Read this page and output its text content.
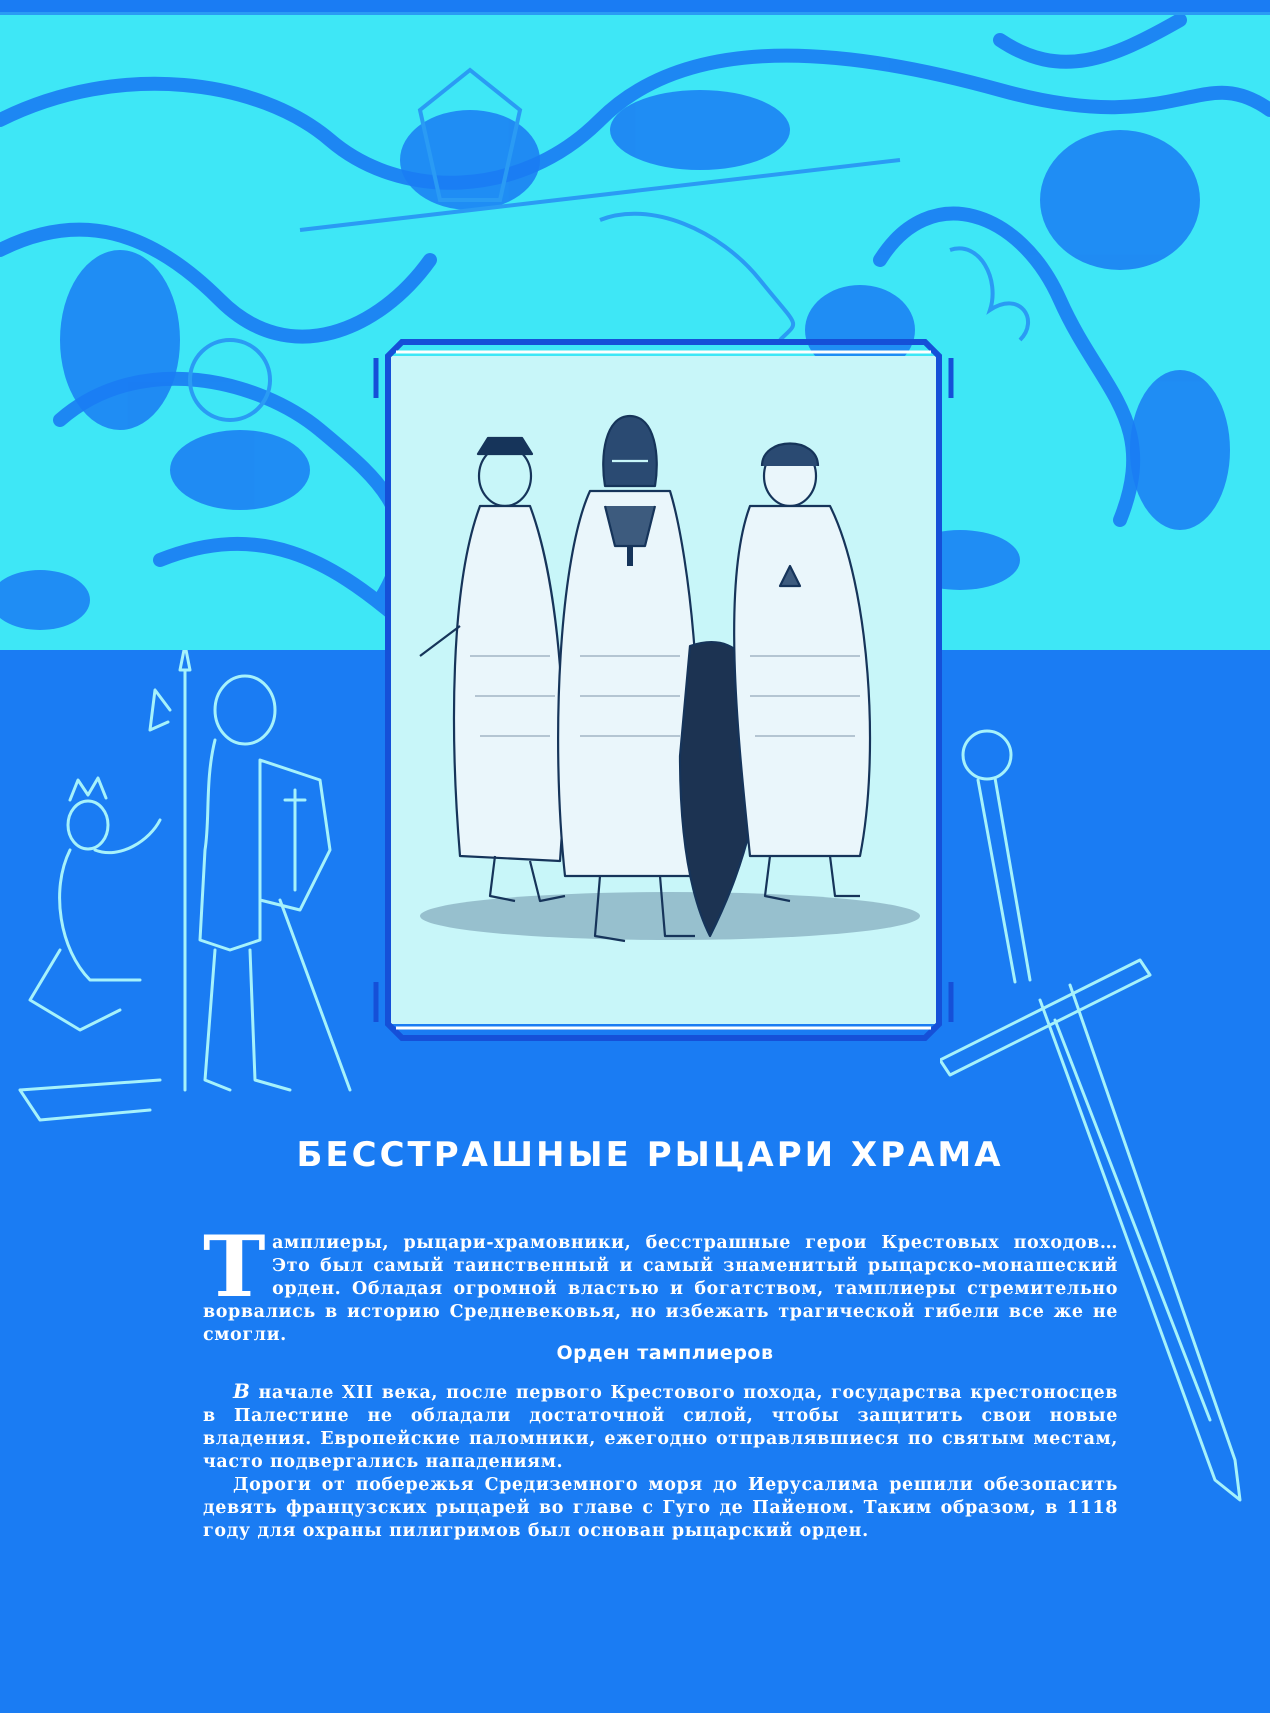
БЕССТРАШНЫЕ РЫЦАРИ ХРАМА
Т амплиеры, рыцари-храмовники, бесстрашные герои Крестовых походов… Это был самый таинственный и самый знаменитый рыцарско-монашеский орден. Обладая огромной властью и богатством, тамплиеры стремительно ворвались в историю Средневековья, но избежать трагической гибели все же не смогли.

Орден тамплиеров

В начале XII века, после первого Крестового похода, государства крестоносцев в Палестине не обладали достаточной силой, чтобы защитить свои новые владения. Европейские паломники, ежегодно отправлявшиеся по святым местам, часто подвергались нападениям.

Дороги от побережья Средиземного моря до Иерусалима решили обезопасить девять французских рыцарей во главе с Гуго де Пайеном. Таким образом, в 1118 году для охраны пилигримов был основан рыцарский орден.
